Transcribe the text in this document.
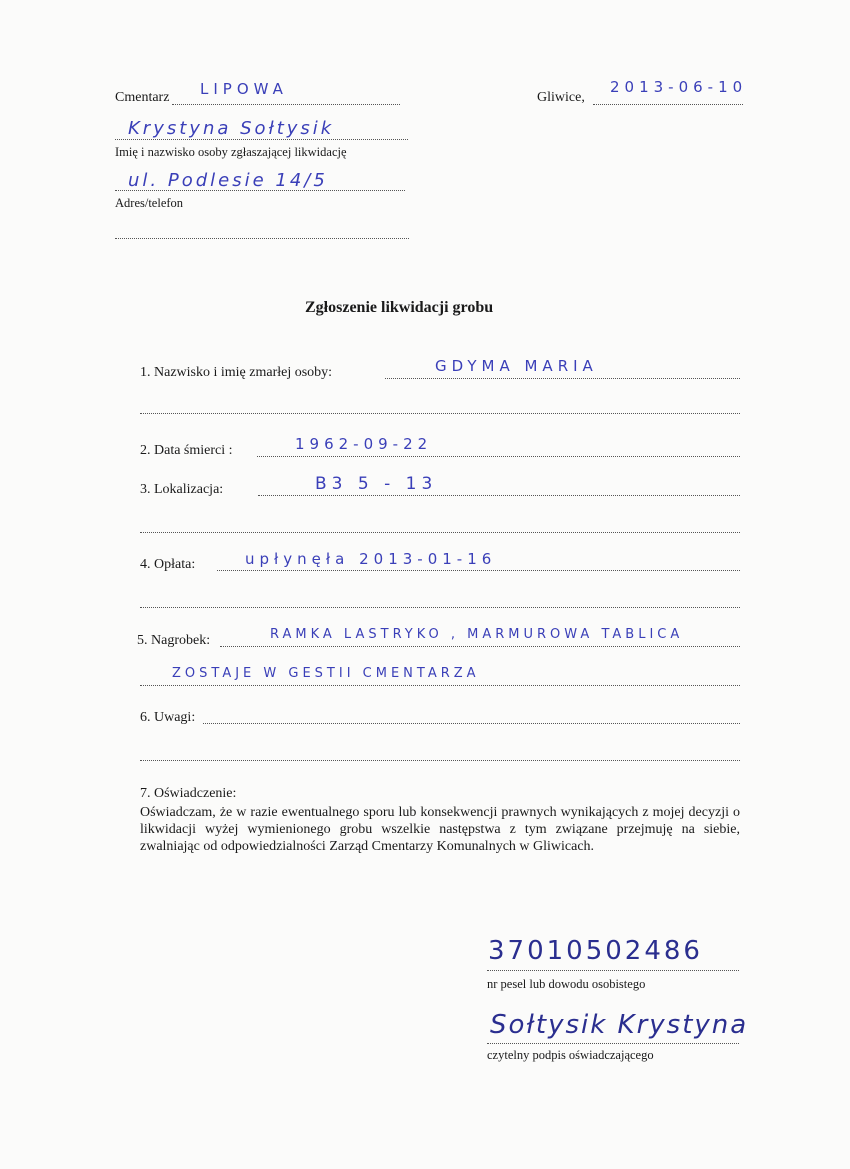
Cmentarz LIPOWA	Gliwice,
2013-06-10
Krystyna Sołtysik
Imię i nazwisko osoby zgłaszającej likwidację
ul. Podlesie 14/5
Adres/telefon
Zgłoszenie likwidacji grobu
1. Nazwisko i imię zmarłej osoby:	GDYMA MARIA
2. Data śmierci :	1962-09-22
3. Lokalizacja:	B3 5 - 13
4. Opłata:	upłynęła 2013-01-16
5. Nagrobek:	RAMKA LASTRYKO , MARMUROWA TABLICA
ZOSTAJE W GESTII CMENTARZA
6. Uwagi:
7. Oświadczenie:
Oświadczam, że w razie ewentualnego sporu lub konsekwencji prawnych wynikających z mojej decyzji o likwidacji wyżej wymienionego grobu wszelkie następstwa z tym związane przejmuję na siebie, zwalniając od odpowiedzialności Zarząd Cmentarzy Komunalnych w Gliwicach.
37010502486
nr pesel lub dowodu osobistego
Sołtysik Krystyna
czytelny podpis oświadczającego
